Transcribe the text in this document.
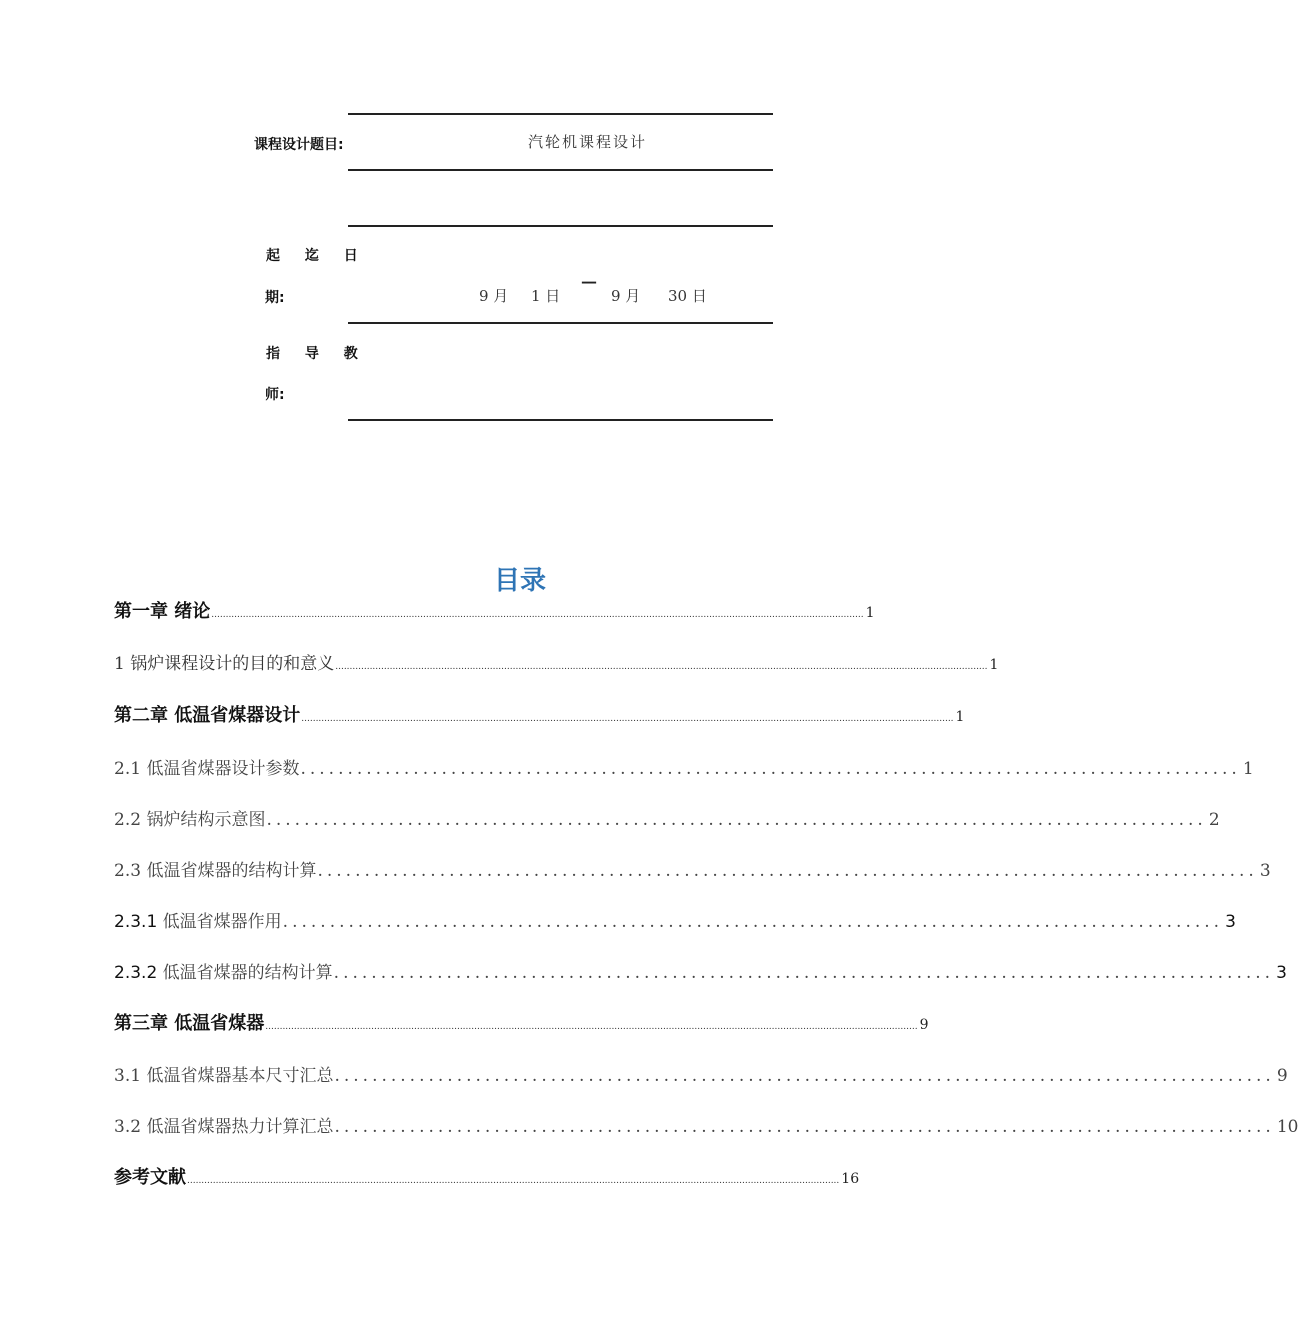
课程设计题目:	汽轮机课程设计
起 迄 日
期:	9 月 1 日
—
9 月 30 日
指 导 教
师:
目录
第一章 绪论 .................................................................................................................................................................................................................................... 1
1 锅炉课程设计的目的和意义 .................................................................................................................................................................................................................................... 1
第二章 低温省煤器设计 .................................................................................................................................................................................................................................... 1
2.1 低温省煤器设计参数 .................................................................................................... 1
2.2 锅炉结构示意图 .................................................................................................... 2
2.3 低温省煤器的结构计算 .................................................................................................... 3
2.3.1 低温省煤器作用 .................................................................................................... 3
2.3.2 低温省煤器的结构计算 .................................................................................................... 3
第三章 低温省煤器 .................................................................................................................................................................................................................................... 9
3.1 低温省煤器基本尺寸汇总 .................................................................................................... 9
3.2 低温省煤器热力计算汇总 .................................................................................................... 10
参考文献 .................................................................................................................................................................................................................................... 16
